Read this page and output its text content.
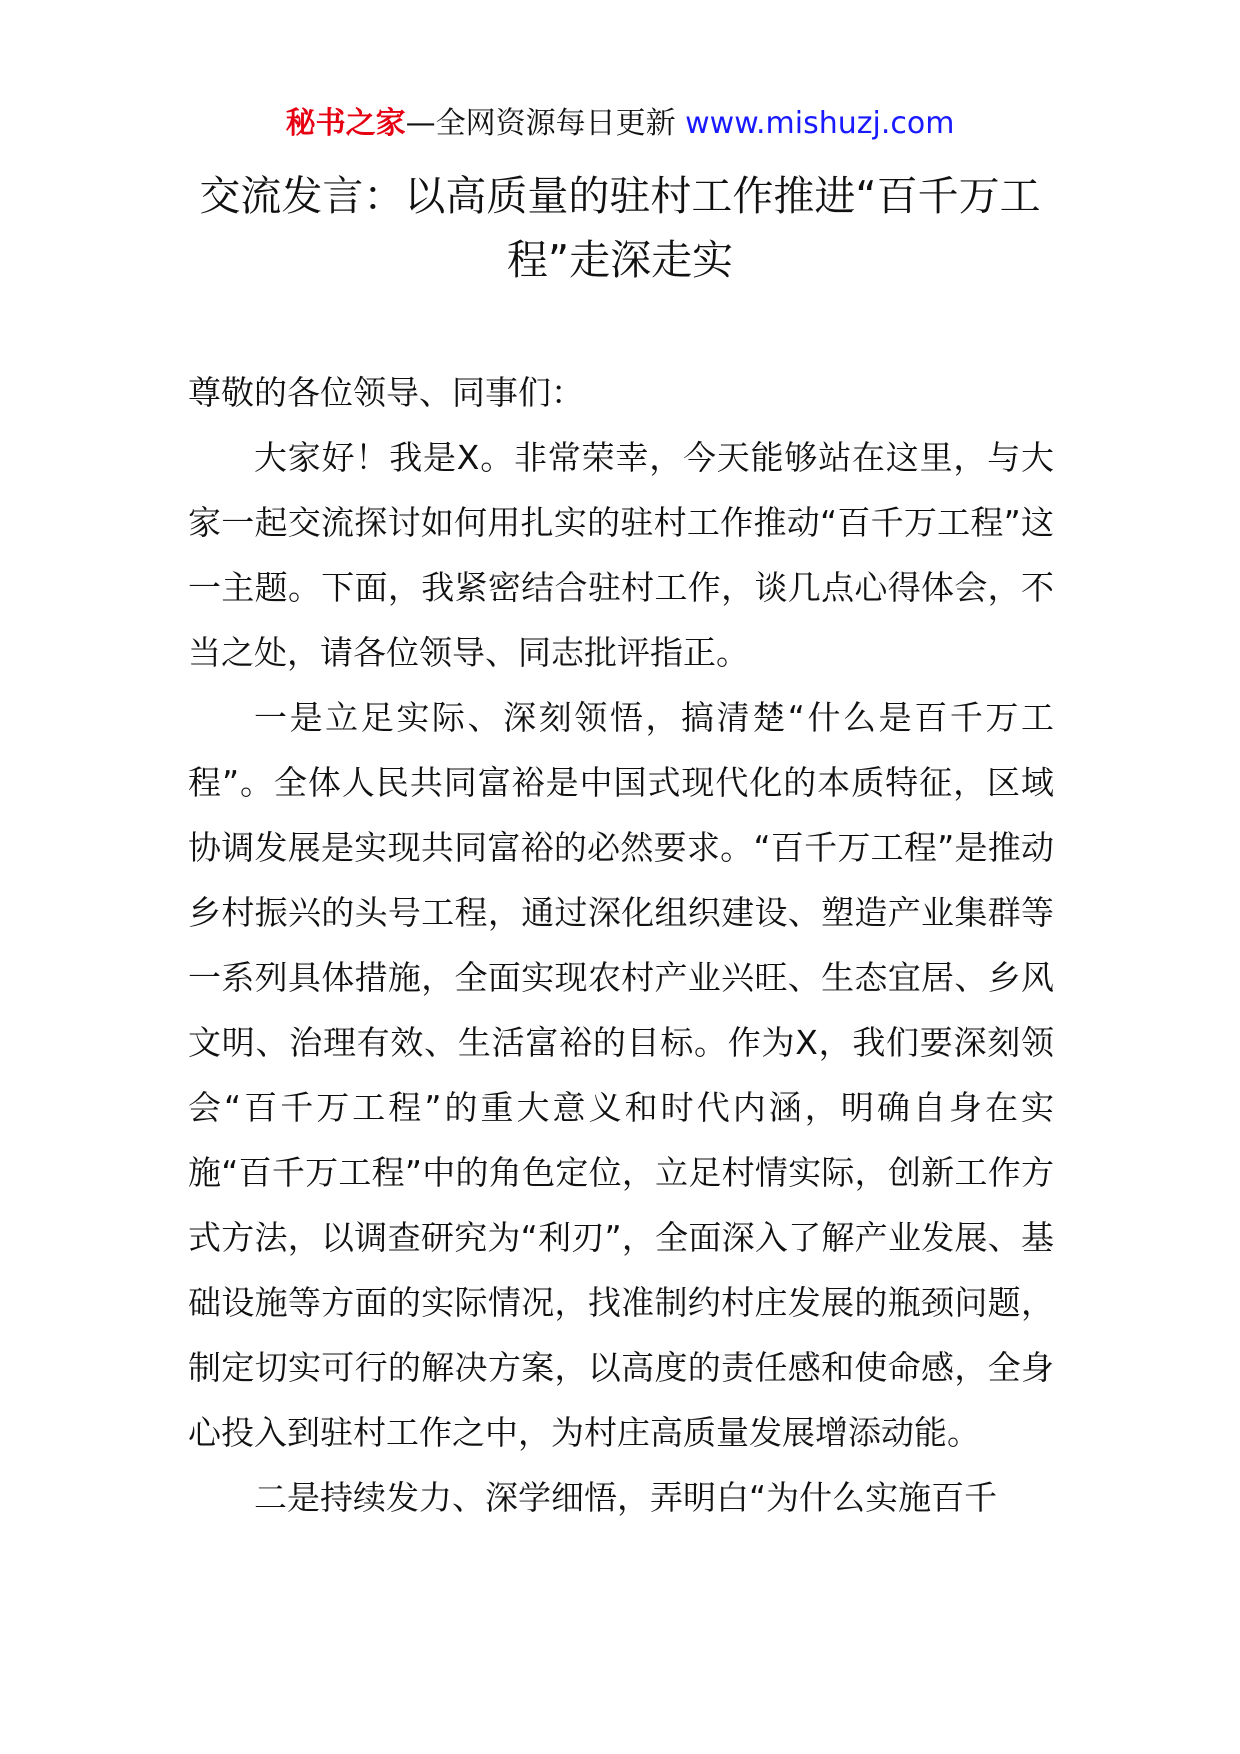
秘书之家—全网资源每日更新 www.mishuzj.com
交流发言：以高质量的驻村工作推进“百千万工程”走深走实

尊敬的各位领导、同事们：

大家好！我是X。非常荣幸，今天能够站在这里，与大家一起交流探讨如何用扎实的驻村工作推动“百千万工程”这一主题。下面，我紧密结合驻村工作，谈几点心得体会，不当之处，请各位领导、同志批评指正。

一是立足实际、深刻领悟，搞清楚“什么是百千万工程”。全体人民共同富裕是中国式现代化的本质特征，区域协调发展是实现共同富裕的必然要求。“百千万工程”是推动乡村振兴的头号工程，通过深化组织建设、塑造产业集群等一系列具体措施，全面实现农村产业兴旺、生态宜居、乡风文明、治理有效、生活富裕的目标。作为X，我们要深刻领会“百千万工程”的重大意义和时代内涵，明确自身在实施“百千万工程”中的角色定位，立足村情实际，创新工作方式方法，以调查研究为“利刃”，全面深入了解产业发展、基础设施等方面的实际情况，找准制约村庄发展的瓶颈问题，制定切实可行的解决方案，以高度的责任感和使命感，全身心投入到驻村工作之中，为村庄高质量发展增添动能。

二是持续发力、深学细悟，弄明白“为什么实施百千
